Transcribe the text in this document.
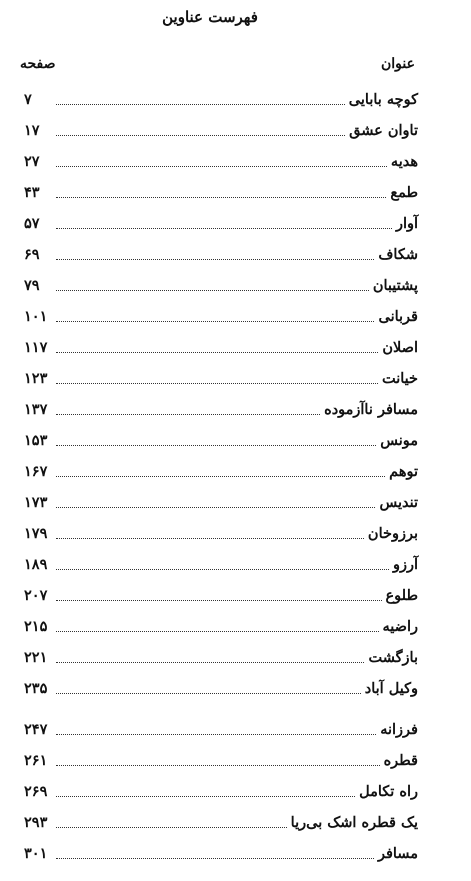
فهرست عناوین
عنوان
صفحه
کوچه بابایی
۷
تاوان عشق
۱۷
هدیه
۲۷
طمع
۴۳
آوار
۵۷
شکاف
۶۹
پشتیبان
۷۹
قربانی
۱۰۱
اصلان
۱۱۷
خیانت
۱۲۳
مسافر ناآزموده
۱۳۷
مونس
۱۵۳
توهم
۱۶۷
تندیس
۱۷۳
برزوخان
۱۷۹
آرزو
۱۸۹
طلوع
۲۰۷
راضیه
۲۱۵
بازگشت
۲۲۱
وکیل آباد
۲۳۵
فرزانه
۲۴۷
قطره
۲۶۱
راه تکامل
۲۶۹
یک قطره اشک بی‌ریا
۲۹۳
مسافر
۳۰۱
